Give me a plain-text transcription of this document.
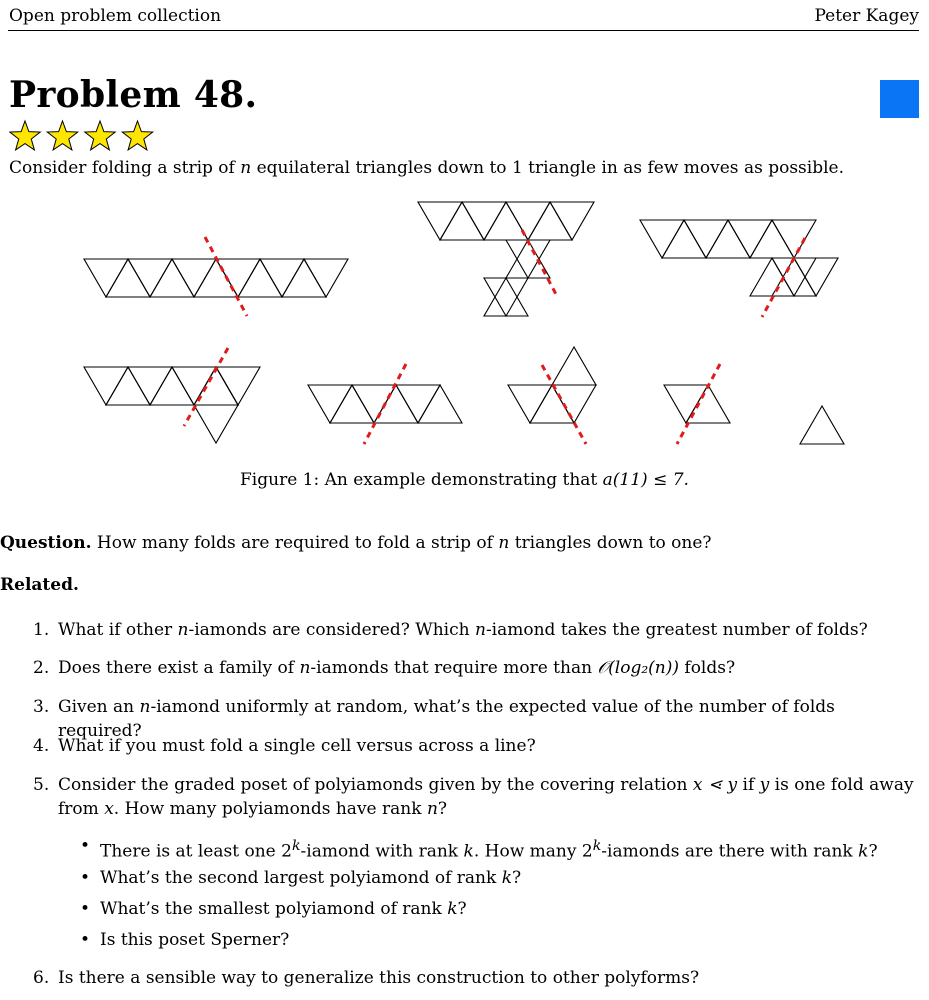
Open problem collection	Peter Kagey
Problem 48.
Consider folding a strip of n equilateral triangles down to 1 triangle in as few moves as possible.
Figure 1: An example demonstrating that a(11) ≤ 7.
Question. How many folds are required to fold a strip of n triangles down to one?
Related.
1. What if other n-iamonds are considered? Which n-iamond takes the greatest number of folds?
2. Does there exist a family of n-iamonds that require more than 𝒪(log₂(n)) folds?
3. Given an n-iamond uniformly at random, what’s the expected value of the number of folds required?
4. What if you must fold a single cell versus across a line?
5. Consider the graded poset of polyiamonds given by the covering relation x ⋖ y if y is one fold away from x. How many polyiamonds have rank n?
6. Is there a sensible way to generalize this construction to other polyforms?
• There is at least one 2$^k$-iamond with rank k. How many 2$^k$-iamonds are there with rank k?
• What’s the second largest polyiamond of rank k?
• What’s the smallest polyiamond of rank k?
• Is this poset Sperner?
